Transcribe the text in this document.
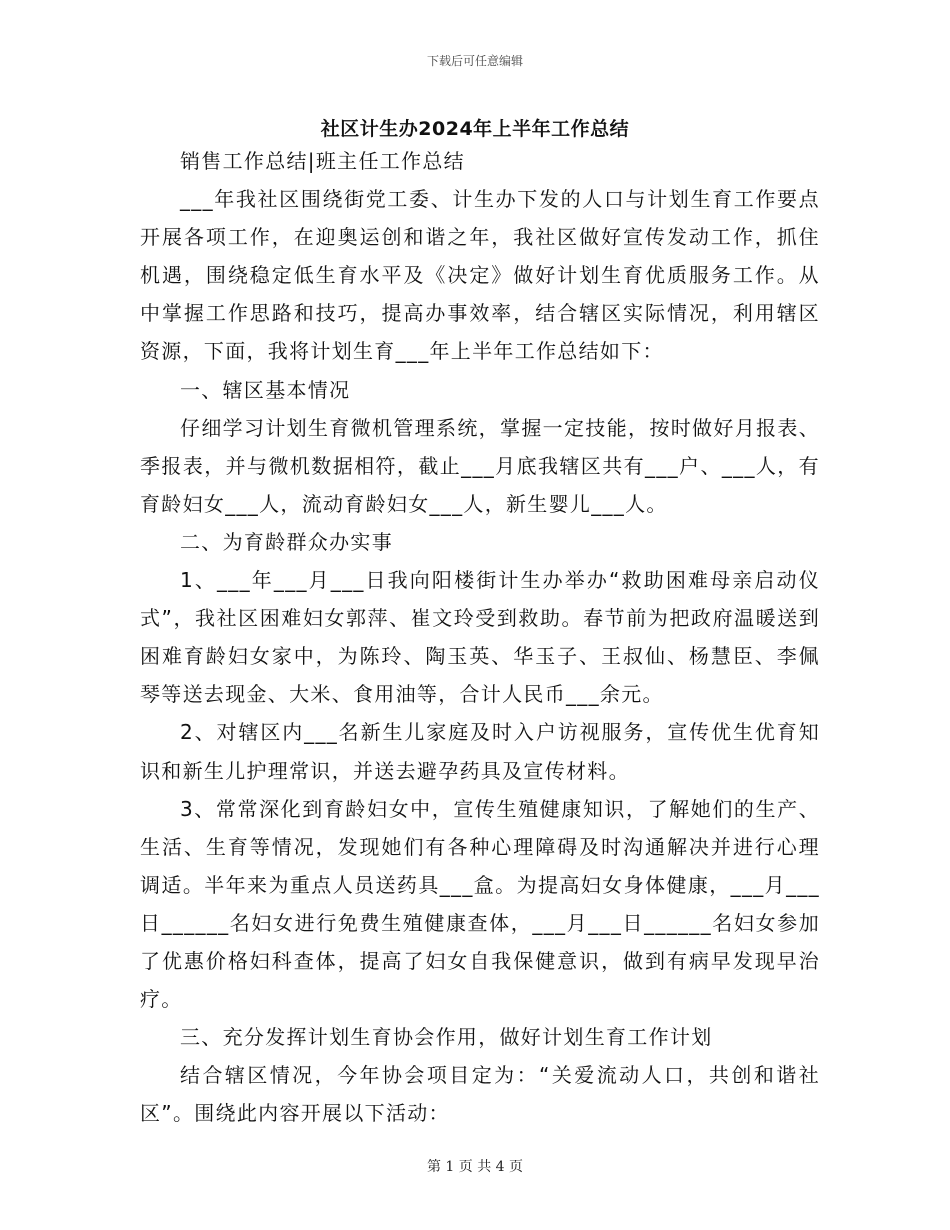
下载后可任意编辑
社区计生办2024年上半年工作总结

销售工作总结|班主任工作总结

___年我社区围绕街党工委、计生办下发的人口与计划生育工作要点开展各项工作，在迎奥运创和谐之年，我社区做好宣传发动工作，抓住机遇，围绕稳定低生育水平及《决定》做好计划生育优质服务工作。从中掌握工作思路和技巧，提高办事效率，结合辖区实际情况，利用辖区资源，下面，我将计划生育___年上半年工作总结如下：

一、辖区基本情况

仔细学习计划生育微机管理系统，掌握一定技能，按时做好月报表、季报表，并与微机数据相符，截止___月底我辖区共有___户、___人，有育龄妇女___人，流动育龄妇女___人，新生婴儿___人。

二、为育龄群众办实事

1、___年___月___日我向阳楼街计生办举办“救助困难母亲启动仪式”，我社区困难妇女郭萍、崔文玲受到救助。春节前为把政府温暖送到困难育龄妇女家中，为陈玲、陶玉英、华玉子、王叔仙、杨慧臣、李佩琴等送去现金、大米、食用油等，合计人民币___余元。

2、对辖区内___名新生儿家庭及时入户访视服务，宣传优生优育知识和新生儿护理常识，并送去避孕药具及宣传材料。

3、常常深化到育龄妇女中，宣传生殖健康知识，了解她们的生产、生活、生育等情况，发现她们有各种心理障碍及时沟通解决并进行心理调适。半年来为重点人员送药具___盒。为提高妇女身体健康，___月___日______名妇女进行免费生殖健康查体，___月___日______名妇女参加了优惠价格妇科查体，提高了妇女自我保健意识，做到有病早发现早治疗。

三、充分发挥计划生育协会作用，做好计划生育工作计划

结合辖区情况，今年协会项目定为：“关爱流动人口，共创和谐社区”。围绕此内容开展以下活动：

第 1 页 共 4 页
